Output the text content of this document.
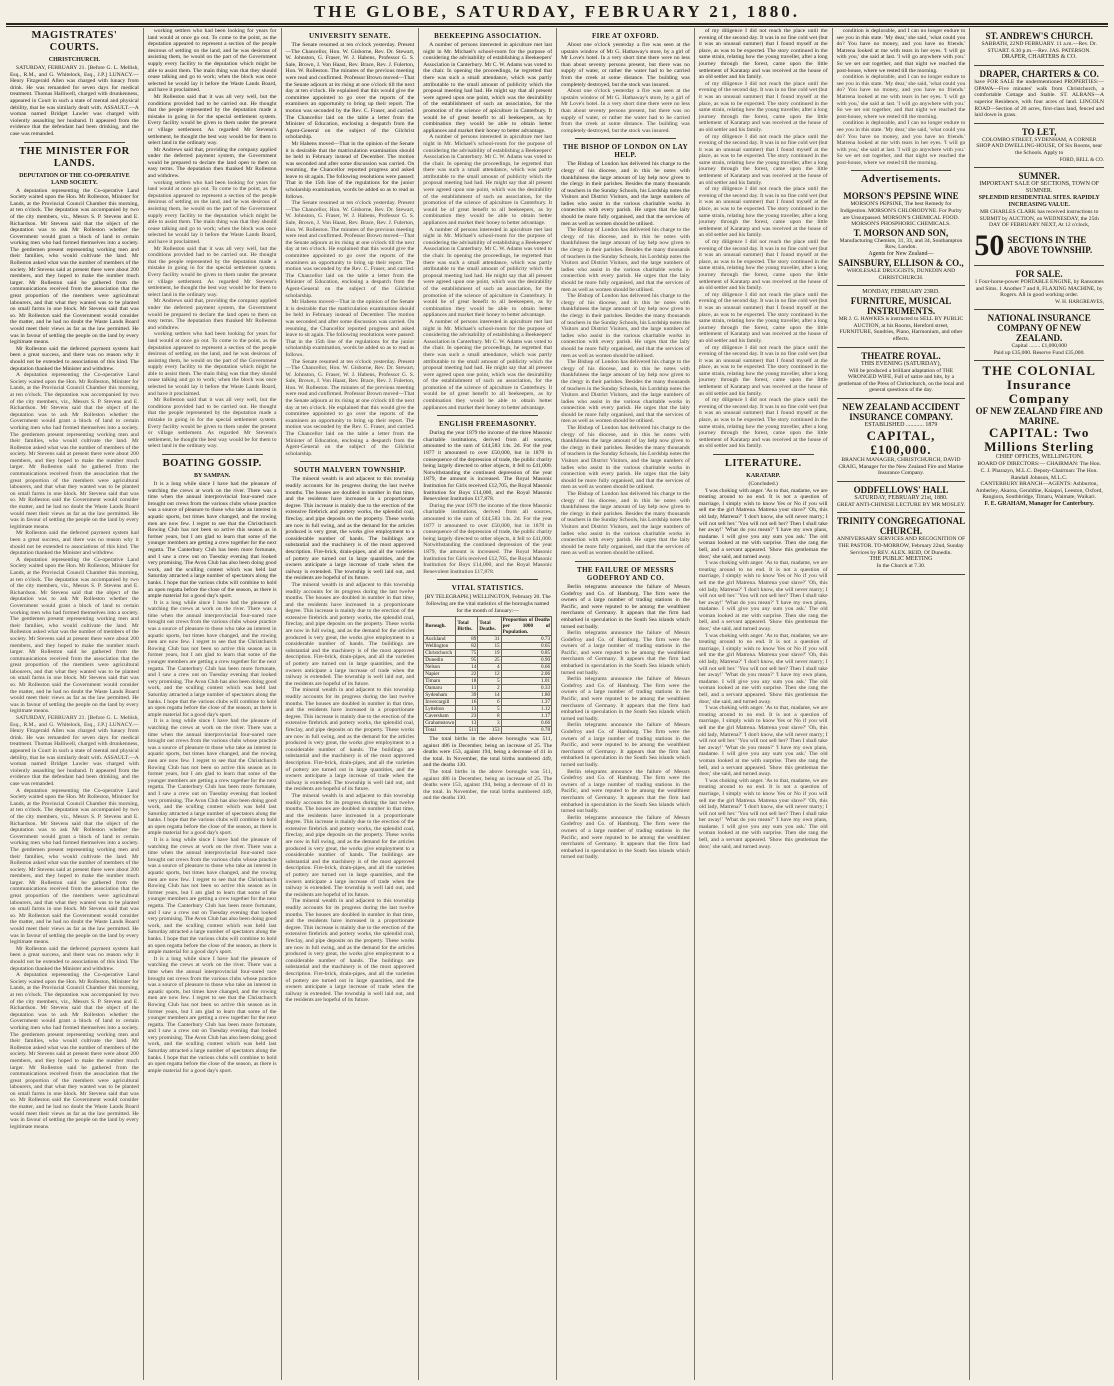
THE GLOBE, SATURDAY, FEBRUARY 21, 1880.
MAGISTRATES' COURTS.
CHRISTCHURCH.

SATURDAY, FEBRUARY 21. [Before G. L. Mellish, Esq., R.M., and G. Whitelock, Esq., J.P.] LUNACY.—Henry Fitzgerald Allen was charged with lunacy from drink. He was remanded for seven days for medical treatment. Thomas Halliwell, charged with drunkenness, appeared in Court in such a state of mental and physical debility, that he was similarly dealt with. ASSAULT.—A woman named Bridget Lawler was charged with violently assaulting her husband. It appeared from the evidence that the defendant had been drinking, and the case was remanded.

THE MINISTER FOR LANDS.
DEPUTATION OF THE CO-OPERATIVE LAND SOCIETY.

A deputation representing the Co-operative Land Society waited upon the Hon. Mr Rolleston, Minister for Lands, at the Provincial Council Chamber this morning, at ten o'clock. The deputation was accompanied by two of the city members, viz., Messrs S. P. Stevens and E. Richardson. Mr Stevens said that the object of the deputation was to ask Mr Rolleston whether the Government would grant a block of land to certain working men who had formed themselves into a society. The gentlemen present representing working men and their families, who would cultivate the land. Mr Rolleston asked what was the number of members of the society. Mr Stevens said at present there were about 200 members, and they hoped to make the number much larger. Mr Rolleston said he gathered from the communications received from the association that the great proportion of the members were agricultural labourers, and that what they wanted was to be planted on small farms in one block. Mr Stevens said that was so. Mr Rolleston said the Government would consider the matter, and he had no doubt the Waste Lands Board would meet their views as far as the law permitted. He was in favour of settling the people on the land by every legitimate means.

Mr Rolleston said the deferred payment system had been a great success, and there was no reason why it should not be extended to associations of this kind. The deputation thanked the Minister and withdrew.

A deputation representing the Co-operative Land Society waited upon the Hon. Mr Rolleston, Minister for Lands, at the Provincial Council Chamber this morning, at ten o'clock. The deputation was accompanied by two of the city members, viz., Messrs S. P. Stevens and E. Richardson. Mr Stevens said that the object of the deputation was to ask Mr Rolleston whether the Government would grant a block of land to certain working men who had formed themselves into a society. The gentlemen present representing working men and their families, who would cultivate the land. Mr Rolleston asked what was the number of members of the society. Mr Stevens said at present there were about 200 members, and they hoped to make the number much larger. Mr Rolleston said he gathered from the communications received from the association that the great proportion of the members were agricultural labourers, and that what they wanted was to be planted on small farms in one block. Mr Stevens said that was so. Mr Rolleston said the Government would consider the matter, and he had no doubt the Waste Lands Board would meet their views as far as the law permitted. He was in favour of settling the people on the land by every legitimate means.

Mr Rolleston said the deferred payment system had been a great success, and there was no reason why it should not be extended to associations of this kind. The deputation thanked the Minister and withdrew.

A deputation representing the Co-operative Land Society waited upon the Hon. Mr Rolleston, Minister for Lands, at the Provincial Council Chamber this morning, at ten o'clock. The deputation was accompanied by two of the city members, viz., Messrs S. P. Stevens and E. Richardson. Mr Stevens said that the object of the deputation was to ask Mr Rolleston whether the Government would grant a block of land to certain working men who had formed themselves into a society. The gentlemen present representing working men and their families, who would cultivate the land. Mr Rolleston asked what was the number of members of the society. Mr Stevens said at present there were about 200 members, and they hoped to make the number much larger. Mr Rolleston said he gathered from the communications received from the association that the great proportion of the members were agricultural labourers, and that what they wanted was to be planted on small farms in one block. Mr Stevens said that was so. Mr Rolleston said the Government would consider the matter, and he had no doubt the Waste Lands Board would meet their views as far as the law permitted. He was in favour of settling the people on the land by every legitimate means.

SATURDAY, FEBRUARY 21. [Before G. L. Mellish, Esq., R.M., and G. Whitelock, Esq., J.P.] LUNACY.—Henry Fitzgerald Allen was charged with lunacy from drink. He was remanded for seven days for medical treatment. Thomas Halliwell, charged with drunkenness, appeared in Court in such a state of mental and physical debility, that he was similarly dealt with. ASSAULT.—A woman named Bridget Lawler was charged with violently assaulting her husband. It appeared from the evidence that the defendant had been drinking, and the case was remanded.

A deputation representing the Co-operative Land Society waited upon the Hon. Mr Rolleston, Minister for Lands, at the Provincial Council Chamber this morning, at ten o'clock. The deputation was accompanied by two of the city members, viz., Messrs S. P. Stevens and E. Richardson. Mr Stevens said that the object of the deputation was to ask Mr Rolleston whether the Government would grant a block of land to certain working men who had formed themselves into a society. The gentlemen present representing working men and their families, who would cultivate the land. Mr Rolleston asked what was the number of members of the society. Mr Stevens said at present there were about 200 members, and they hoped to make the number much larger. Mr Rolleston said he gathered from the communications received from the association that the great proportion of the members were agricultural labourers, and that what they wanted was to be planted on small farms in one block. Mr Stevens said that was so. Mr Rolleston said the Government would consider the matter, and he had no doubt the Waste Lands Board would meet their views as far as the law permitted. He was in favour of settling the people on the land by every legitimate means.

Mr Rolleston said the deferred payment system had been a great success, and there was no reason why it should not be extended to associations of this kind. The deputation thanked the Minister and withdrew.

A deputation representing the Co-operative Land Society waited upon the Hon. Mr Rolleston, Minister for Lands, at the Provincial Council Chamber this morning, at ten o'clock. The deputation was accompanied by two of the city members, viz., Messrs S. P. Stevens and E. Richardson. Mr Stevens said that the object of the deputation was to ask Mr Rolleston whether the Government would grant a block of land to certain working men who had formed themselves into a society. The gentlemen present representing working men and their families, who would cultivate the land. Mr Rolleston asked what was the number of members of the society. Mr Stevens said at present there were about 200 members, and they hoped to make the number much larger. Mr Rolleston said he gathered from the communications received from the association that the great proportion of the members were agricultural labourers, and that what they wanted was to be planted on small farms in one block. Mr Stevens said that was so. Mr Rolleston said the Government would consider the matter, and he had no doubt the Waste Lands Board would meet their views as far as the law permitted. He was in favour of settling the people on the land by every legitimate means.

working settlers who had been looking for years for land would at once go out. To come to the point, as the deputation appeared to represent a section of the people desirous of settling on the land, and he was desirous of assisting them, he would on the part of the Government supply every facility to the deputation which might be able to assist them. The main thing was that they should cease talking and go to work; when the block was once selected he would lay it before the Waste Lands Board, and have it proclaimed.

Mr Rolleston said that it was all very well, but the conditions provided had to be carried out. He thought that the people represented by the deputation made a mistake in going in for the special settlement system. Every facility would be given to them under the present or village settlement. As regarded Mr Stevens's settlement, he thought the best way would be for them to select land in the ordinary way.

Mr Andrews said that, providing the company applied under the deferred payment system, the Government would be prepared to declare the land open to them on easy terms. The deputation then thanked Mr Rolleston and withdrew.

working settlers who had been looking for years for land would at once go out. To come to the point, as the deputation appeared to represent a section of the people desirous of settling on the land, and he was desirous of assisting them, he would on the part of the Government supply every facility to the deputation which might be able to assist them. The main thing was that they should cease talking and go to work; when the block was once selected he would lay it before the Waste Lands Board, and have it proclaimed.

Mr Rolleston said that it was all very well, but the conditions provided had to be carried out. He thought that the people represented by the deputation made a mistake in going in for the special settlement system. Every facility would be given to them under the present or village settlement. As regarded Mr Stevens's settlement, he thought the best way would be for them to select land in the ordinary way.

Mr Andrews said that, providing the company applied under the deferred payment system, the Government would be prepared to declare the land open to them on easy terms. The deputation then thanked Mr Rolleston and withdrew.

working settlers who had been looking for years for land would at once go out. To come to the point, as the deputation appeared to represent a section of the people desirous of settling on the land, and he was desirous of assisting them, he would on the part of the Government supply every facility to the deputation which might be able to assist them. The main thing was that they should cease talking and go to work; when the block was once selected he would lay it before the Waste Lands Board, and have it proclaimed.

Mr Rolleston said that it was all very well, but the conditions provided had to be carried out. He thought that the people represented by the deputation made a mistake in going in for the special settlement system. Every facility would be given to them under the present or village settlement. As regarded Mr Stevens's settlement, he thought the best way would be for them to select land in the ordinary way.

BOATING GOSSIP.
BY SAMPAN.

It is a long while since I have had the pleasure of watching the crews at work on the river. There was a time when the annual interprovincial four-oared race brought out crews from the various clubs whose practice was a source of pleasure to those who take an interest in aquatic sports, but times have changed, and the rowing men are now few. I regret to see that the Christchurch Rowing Club has not been so active this season as in former years, but I am glad to learn that some of the younger members are getting a crew together for the next regatta. The Canterbury Club has been more fortunate, and I saw a crew out on Tuesday evening that looked very promising. The Avon Club has also been doing good work, and the sculling contest which was held last Saturday attracted a large number of spectators along the banks. I hope that the various clubs will combine to hold an open regatta before the close of the season, as there is ample material for a good day's sport.

It is a long while since I have had the pleasure of watching the crews at work on the river. There was a time when the annual interprovincial four-oared race brought out crews from the various clubs whose practice was a source of pleasure to those who take an interest in aquatic sports, but times have changed, and the rowing men are now few. I regret to see that the Christchurch Rowing Club has not been so active this season as in former years, but I am glad to learn that some of the younger members are getting a crew together for the next regatta. The Canterbury Club has been more fortunate, and I saw a crew out on Tuesday evening that looked very promising. The Avon Club has also been doing good work, and the sculling contest which was held last Saturday attracted a large number of spectators along the banks. I hope that the various clubs will combine to hold an open regatta before the close of the season, as there is ample material for a good day's sport.

It is a long while since I have had the pleasure of watching the crews at work on the river. There was a time when the annual interprovincial four-oared race brought out crews from the various clubs whose practice was a source of pleasure to those who take an interest in aquatic sports, but times have changed, and the rowing men are now few. I regret to see that the Christchurch Rowing Club has not been so active this season as in former years, but I am glad to learn that some of the younger members are getting a crew together for the next regatta. The Canterbury Club has been more fortunate, and I saw a crew out on Tuesday evening that looked very promising. The Avon Club has also been doing good work, and the sculling contest which was held last Saturday attracted a large number of spectators along the banks. I hope that the various clubs will combine to hold an open regatta before the close of the season, as there is ample material for a good day's sport.

It is a long while since I have had the pleasure of watching the crews at work on the river. There was a time when the annual interprovincial four-oared race brought out crews from the various clubs whose practice was a source of pleasure to those who take an interest in aquatic sports, but times have changed, and the rowing men are now few. I regret to see that the Christchurch Rowing Club has not been so active this season as in former years, but I am glad to learn that some of the younger members are getting a crew together for the next regatta. The Canterbury Club has been more fortunate, and I saw a crew out on Tuesday evening that looked very promising. The Avon Club has also been doing good work, and the sculling contest which was held last Saturday attracted a large number of spectators along the banks. I hope that the various clubs will combine to hold an open regatta before the close of the season, as there is ample material for a good day's sport.

It is a long while since I have had the pleasure of watching the crews at work on the river. There was a time when the annual interprovincial four-oared race brought out crews from the various clubs whose practice was a source of pleasure to those who take an interest in aquatic sports, but times have changed, and the rowing men are now few. I regret to see that the Christchurch Rowing Club has not been so active this season as in former years, but I am glad to learn that some of the younger members are getting a crew together for the next regatta. The Canterbury Club has been more fortunate, and I saw a crew out on Tuesday evening that looked very promising. The Avon Club has also been doing good work, and the sculling contest which was held last Saturday attracted a large number of spectators along the banks. I hope that the various clubs will combine to hold an open regatta before the close of the season, as there is ample material for a good day's sport.

UNIVERSITY SENATE.

The Senate resumed at ten o'clock yesterday. Present—The Chancellor, Hon. W. Gisborne, Rev. Dr. Stewart, W. Johnston, G. Fraser, W. J. Habens, Professor G. S. Sale, Brown, J. Von Haast, Rev. Brace, Rev. J. Fulerton, Hon. W. Rolleston. The minutes of the previous meeting were read and confirmed. Professor Brown moved—That the Senate adjourn at its rising at one o'clock till the next day at ten o'clock. He explained that this would give the committee appointed to go over the reports of the examiners an opportunity to bring up their report. The motion was seconded by the Rev. C. Fraser, and carried. The Chancellor laid on the table a letter from the Minister of Education, enclosing a despatch from the Agent-General on the subject of the Gilchrist scholarship.

Mr Habens moved—That in the opinion of the Senate it is desirable that the matriculation examination should be held in February instead of December. The motion was seconded and after some discussion was carried. On resuming, the Chancellor reported progress and asked leave to sit again. The following resolutions were passed: That in the 15th line of the regulations for the junior scholarship examination, words be added so as to read as follows.

The Senate resumed at ten o'clock yesterday. Present—The Chancellor, Hon. W. Gisborne, Rev. Dr. Stewart, W. Johnston, G. Fraser, W. J. Habens, Professor G. S. Sale, Brown, J. Von Haast, Rev. Brace, Rev. J. Fulerton, Hon. W. Rolleston. The minutes of the previous meeting were read and confirmed. Professor Brown moved—That the Senate adjourn at its rising at one o'clock till the next day at ten o'clock. He explained that this would give the committee appointed to go over the reports of the examiners an opportunity to bring up their report. The motion was seconded by the Rev. C. Fraser, and carried. The Chancellor laid on the table a letter from the Minister of Education, enclosing a despatch from the Agent-General on the subject of the Gilchrist scholarship.

Mr Habens moved—That in the opinion of the Senate it is desirable that the matriculation examination should be held in February instead of December. The motion was seconded and after some discussion was carried. On resuming, the Chancellor reported progress and asked leave to sit again. The following resolutions were passed: That in the 15th line of the regulations for the junior scholarship examination, words be added so as to read as follows.

The Senate resumed at ten o'clock yesterday. Present—The Chancellor, Hon. W. Gisborne, Rev. Dr. Stewart, W. Johnston, G. Fraser, W. J. Habens, Professor G. S. Sale, Brown, J. Von Haast, Rev. Brace, Rev. J. Fulerton, Hon. W. Rolleston. The minutes of the previous meeting were read and confirmed. Professor Brown moved—That the Senate adjourn at its rising at one o'clock till the next day at ten o'clock. He explained that this would give the committee appointed to go over the reports of the examiners an opportunity to bring up their report. The motion was seconded by the Rev. C. Fraser, and carried. The Chancellor laid on the table a letter from the Minister of Education, enclosing a despatch from the Agent-General on the subject of the Gilchrist scholarship.

SOUTH MALVERN TOWNSHIP.

The mineral wealth in and adjacent to this township readily accounts for its progress during the last twelve months. The houses are doubled in number in that time, and the residents have increased in a proportionate degree. This increase is mainly due to the erection of the extensive firebrick and pottery works, the splendid coal, fireclay, and pipe deposits on the property. These works are now in full swing, and as the demand for the articles produced is very great, the works give employment to a considerable number of hands. The buildings are substantial and the machinery is of the most approved description. Fire-brick, drain-pipes, and all the varieties of pottery are turned out in large quantities, and the owners anticipate a large increase of trade when the railway is extended. The township is well laid out, and the residents are hopeful of its future.

The mineral wealth in and adjacent to this township readily accounts for its progress during the last twelve months. The houses are doubled in number in that time, and the residents have increased in a proportionate degree. This increase is mainly due to the erection of the extensive firebrick and pottery works, the splendid coal, fireclay, and pipe deposits on the property. These works are now in full swing, and as the demand for the articles produced is very great, the works give employment to a considerable number of hands. The buildings are substantial and the machinery is of the most approved description. Fire-brick, drain-pipes, and all the varieties of pottery are turned out in large quantities, and the owners anticipate a large increase of trade when the railway is extended. The township is well laid out, and the residents are hopeful of its future.

The mineral wealth in and adjacent to this township readily accounts for its progress during the last twelve months. The houses are doubled in number in that time, and the residents have increased in a proportionate degree. This increase is mainly due to the erection of the extensive firebrick and pottery works, the splendid coal, fireclay, and pipe deposits on the property. These works are now in full swing, and as the demand for the articles produced is very great, the works give employment to a considerable number of hands. The buildings are substantial and the machinery is of the most approved description. Fire-brick, drain-pipes, and all the varieties of pottery are turned out in large quantities, and the owners anticipate a large increase of trade when the railway is extended. The township is well laid out, and the residents are hopeful of its future.

The mineral wealth in and adjacent to this township readily accounts for its progress during the last twelve months. The houses are doubled in number in that time, and the residents have increased in a proportionate degree. This increase is mainly due to the erection of the extensive firebrick and pottery works, the splendid coal, fireclay, and pipe deposits on the property. These works are now in full swing, and as the demand for the articles produced is very great, the works give employment to a considerable number of hands. The buildings are substantial and the machinery is of the most approved description. Fire-brick, drain-pipes, and all the varieties of pottery are turned out in large quantities, and the owners anticipate a large increase of trade when the railway is extended. The township is well laid out, and the residents are hopeful of its future.

The mineral wealth in and adjacent to this township readily accounts for its progress during the last twelve months. The houses are doubled in number in that time, and the residents have increased in a proportionate degree. This increase is mainly due to the erection of the extensive firebrick and pottery works, the splendid coal, fireclay, and pipe deposits on the property. These works are now in full swing, and as the demand for the articles produced is very great, the works give employment to a considerable number of hands. The buildings are substantial and the machinery is of the most approved description. Fire-brick, drain-pipes, and all the varieties of pottery are turned out in large quantities, and the owners anticipate a large increase of trade when the railway is extended. The township is well laid out, and the residents are hopeful of its future.

BEEKEEPING ASSOCIATION.

A number of persons interested in apiculture met last night in Mr. Michael's school-room for the purpose of considering the advisability of establishing a Beekeepers' Association in Canterbury. Mr C. W. Adams was voted to the chair. In opening the proceedings, he regretted that there was such a small attendance, which was partly attributable to the small amount of publicity which the proposal meeting had had. He might say that all present were agreed upon one point, which was the desirability of the establishment of such an association, for the promotion of the science of apiculture in Canterbury. It would be of great benefit to all beekeepers, as by combination they would be able to obtain better appliances and market their honey to better advantage.

A number of persons interested in apiculture met last night in Mr. Michael's school-room for the purpose of considering the advisability of establishing a Beekeepers' Association in Canterbury. Mr C. W. Adams was voted to the chair. In opening the proceedings, he regretted that there was such a small attendance, which was partly attributable to the small amount of publicity which the proposal meeting had had. He might say that all present were agreed upon one point, which was the desirability of the establishment of such an association, for the promotion of the science of apiculture in Canterbury. It would be of great benefit to all beekeepers, as by combination they would be able to obtain better appliances and market their honey to better advantage.

A number of persons interested in apiculture met last night in Mr. Michael's school-room for the purpose of considering the advisability of establishing a Beekeepers' Association in Canterbury. Mr C. W. Adams was voted to the chair. In opening the proceedings, he regretted that there was such a small attendance, which was partly attributable to the small amount of publicity which the proposal meeting had had. He might say that all present were agreed upon one point, which was the desirability of the establishment of such an association, for the promotion of the science of apiculture in Canterbury. It would be of great benefit to all beekeepers, as by combination they would be able to obtain better appliances and market their honey to better advantage.

A number of persons interested in apiculture met last night in Mr. Michael's school-room for the purpose of considering the advisability of establishing a Beekeepers' Association in Canterbury. Mr C. W. Adams was voted to the chair. In opening the proceedings, he regretted that there was such a small attendance, which was partly attributable to the small amount of publicity which the proposal meeting had had. He might say that all present were agreed upon one point, which was the desirability of the establishment of such an association, for the promotion of the science of apiculture in Canterbury. It would be of great benefit to all beekeepers, as by combination they would be able to obtain better appliances and market their honey to better advantage.

ENGLISH FREEMASONRY.

During the year 1879 the income of the three Masonic charitable institutions, derived from all sources, amounted to the sum of £44,583 14s. 2d. For the year 1877 it amounted to over £50,000, but in 1878 in consequence of the depression of trade, the public charity being largely directed to other objects, it fell to £41,000. Notwithstanding the continued depression of the year 1879, the amount is increased. The Royal Masonic Institution for Girls received £12,705, the Royal Masonic Institution for Boys £14,000, and the Royal Masonic Benevolent Institution £17,878.

During the year 1879 the income of the three Masonic charitable institutions, derived from all sources, amounted to the sum of £44,583 14s. 2d. For the year 1877 it amounted to over £50,000, but in 1878 in consequence of the depression of trade, the public charity being largely directed to other objects, it fell to £41,000. Notwithstanding the continued depression of the year 1879, the amount is increased. The Royal Masonic Institution for Girls received £12,705, the Royal Masonic Institution for Boys £14,000, and the Royal Masonic Benevolent Institution £17,878.

VITAL STATISTICS.

[BY TELEGRAPH.] WELLINGTON, February 20. The following are the vital statistics of the boroughs named for the month of January:—

Borough.	Total Births.	Total Deaths.	Proportion of Deaths per 1000 of Population.
Auckland	89	31	0.73
Wellington	82	15	0.65
Christchurch	75	19	0.85
Dunedin	95	25	0.90
Nelson	14	4	0.66
Napier	22	12	2.06
Timaru	18	5	1.01
Oamaru	11	2	0.33
Sydenham	39	14	1.80
Invercargill	16	6	1.37
Lyttelton	13	5	1.12
Caversham	23	8	1.17
Grahamstown	13	3	0.66
Total	511	153	0.78

The total births in the above boroughs was 511, against 486 in December, being an increase of 25. The deaths were 153, against 194, being a decrease of 41 in the total. In November, the total births numbered 449, and the deaths 130.

The total births in the above boroughs was 511, against 486 in December, being an increase of 25. The deaths were 153, against 194, being a decrease of 41 in the total. In November, the total births numbered 449, and the deaths 130.

FIRE AT OXFORD.

About one o'clock yesterday a fire was seen at the upstairs window of Mr G. Hathaway's store, by a girl of Mr Love's hotel. In a very short time there were no less than about seventy persons present, but there was no supply of water, or rather the water had to be carried from the creek at some distance. The building was completely destroyed, but the stock was insured.

About one o'clock yesterday a fire was seen at the upstairs window of Mr G. Hathaway's store, by a girl of Mr Love's hotel. In a very short time there were no less than about seventy persons present, but there was no supply of water, or rather the water had to be carried from the creek at some distance. The building was completely destroyed, but the stock was insured.

THE BISHOP OF LONDON ON LAY HELP.

The Bishop of London has delivered his charge to the clergy of his diocese, and in this he notes with thankfulness the large amount of lay help now given to the clergy in their parishes. Besides the many thousands of teachers in the Sunday Schools, his Lordship notes the Visitors and District Visitors, and the large numbers of ladies who assist in the various charitable works in connection with every parish. He urges that the laity should be more fully organised, and that the services of men as well as women should be utilised.

The Bishop of London has delivered his charge to the clergy of his diocese, and in this he notes with thankfulness the large amount of lay help now given to the clergy in their parishes. Besides the many thousands of teachers in the Sunday Schools, his Lordship notes the Visitors and District Visitors, and the large numbers of ladies who assist in the various charitable works in connection with every parish. He urges that the laity should be more fully organised, and that the services of men as well as women should be utilised.

The Bishop of London has delivered his charge to the clergy of his diocese, and in this he notes with thankfulness the large amount of lay help now given to the clergy in their parishes. Besides the many thousands of teachers in the Sunday Schools, his Lordship notes the Visitors and District Visitors, and the large numbers of ladies who assist in the various charitable works in connection with every parish. He urges that the laity should be more fully organised, and that the services of men as well as women should be utilised.

The Bishop of London has delivered his charge to the clergy of his diocese, and in this he notes with thankfulness the large amount of lay help now given to the clergy in their parishes. Besides the many thousands of teachers in the Sunday Schools, his Lordship notes the Visitors and District Visitors, and the large numbers of ladies who assist in the various charitable works in connection with every parish. He urges that the laity should be more fully organised, and that the services of men as well as women should be utilised.

The Bishop of London has delivered his charge to the clergy of his diocese, and in this he notes with thankfulness the large amount of lay help now given to the clergy in their parishes. Besides the many thousands of teachers in the Sunday Schools, his Lordship notes the Visitors and District Visitors, and the large numbers of ladies who assist in the various charitable works in connection with every parish. He urges that the laity should be more fully organised, and that the services of men as well as women should be utilised.

The Bishop of London has delivered his charge to the clergy of his diocese, and in this he notes with thankfulness the large amount of lay help now given to the clergy in their parishes. Besides the many thousands of teachers in the Sunday Schools, his Lordship notes the Visitors and District Visitors, and the large numbers of ladies who assist in the various charitable works in connection with every parish. He urges that the laity should be more fully organised, and that the services of men as well as women should be utilised.

THE FAILURE OF MESSRS GODEFROY AND CO.

Berlin telegrams announce the failure of Messrs Godefroy and Co. of Hamburg. The firm were the owners of a large number of trading stations in the Pacific, and were reputed to be among the wealthiest merchants of Germany. It appears that the firm had embarked in speculation in the South Sea islands which turned out badly.

Berlin telegrams announce the failure of Messrs Godefroy and Co. of Hamburg. The firm were the owners of a large number of trading stations in the Pacific, and were reputed to be among the wealthiest merchants of Germany. It appears that the firm had embarked in speculation in the South Sea islands which turned out badly.

Berlin telegrams announce the failure of Messrs Godefroy and Co. of Hamburg. The firm were the owners of a large number of trading stations in the Pacific, and were reputed to be among the wealthiest merchants of Germany. It appears that the firm had embarked in speculation in the South Sea islands which turned out badly.

Berlin telegrams announce the failure of Messrs Godefroy and Co. of Hamburg. The firm were the owners of a large number of trading stations in the Pacific, and were reputed to be among the wealthiest merchants of Germany. It appears that the firm had embarked in speculation in the South Sea islands which turned out badly.

Berlin telegrams announce the failure of Messrs Godefroy and Co. of Hamburg. The firm were the owners of a large number of trading stations in the Pacific, and were reputed to be among the wealthiest merchants of Germany. It appears that the firm had embarked in speculation in the South Sea islands which turned out badly.

Berlin telegrams announce the failure of Messrs Godefroy and Co. of Hamburg. The firm were the owners of a large number of trading stations in the Pacific, and were reputed to be among the wealthiest merchants of Germany. It appears that the firm had embarked in speculation in the South Sea islands which turned out badly.

of my diligence I did not reach the place until the evening of the second day. It was in no fine cold wet (but it was an unusual summer) that I found myself at the place, as was to be expected. The story continued in the same strain, relating how the young traveller, after a long journey through the forest, came upon the little settlement of Karatarp and was received at the house of an old settler and his family.

of my diligence I did not reach the place until the evening of the second day. It was in no fine cold wet (but it was an unusual summer) that I found myself at the place, as was to be expected. The story continued in the same strain, relating how the young traveller, after a long journey through the forest, came upon the little settlement of Karatarp and was received at the house of an old settler and his family.

of my diligence I did not reach the place until the evening of the second day. It was in no fine cold wet (but it was an unusual summer) that I found myself at the place, as was to be expected. The story continued in the same strain, relating how the young traveller, after a long journey through the forest, came upon the little settlement of Karatarp and was received at the house of an old settler and his family.

of my diligence I did not reach the place until the evening of the second day. It was in no fine cold wet (but it was an unusual summer) that I found myself at the place, as was to be expected. The story continued in the same strain, relating how the young traveller, after a long journey through the forest, came upon the little settlement of Karatarp and was received at the house of an old settler and his family.

of my diligence I did not reach the place until the evening of the second day. It was in no fine cold wet (but it was an unusual summer) that I found myself at the place, as was to be expected. The story continued in the same strain, relating how the young traveller, after a long journey through the forest, came upon the little settlement of Karatarp and was received at the house of an old settler and his family.

of my diligence I did not reach the place until the evening of the second day. It was in no fine cold wet (but it was an unusual summer) that I found myself at the place, as was to be expected. The story continued in the same strain, relating how the young traveller, after a long journey through the forest, came upon the little settlement of Karatarp and was received at the house of an old settler and his family.

of my diligence I did not reach the place until the evening of the second day. It was in no fine cold wet (but it was an unusual summer) that I found myself at the place, as was to be expected. The story continued in the same strain, relating how the young traveller, after a long journey through the forest, came upon the little settlement of Karatarp and was received at the house of an old settler and his family.

of my diligence I did not reach the place until the evening of the second day. It was in no fine cold wet (but it was an unusual summer) that I found myself at the place, as was to be expected. The story continued in the same strain, relating how the young traveller, after a long journey through the forest, came upon the little settlement of Karatarp and was received at the house of an old settler and his family.

LITERATURE.
KARATARP.

(Concluded.)

'I was choking with anger. 'As to that, madame, we are treating around to no end. It is not a question of marriage, I simply wish to know Yes or No if you will sell me the girl Matrena. Matrena your slave?' 'Oh, this old lady, Matrena?' 'I don't know, she will never marry; I will not sell her.' 'You will not sell her? Then I shall take her away!' 'What do you mean?' 'I have my own plans, madame. I will give you any sum you ask.' The old woman looked at me with surprise. Then she rang the bell, and a servant appeared. 'Show this gentleman the door,' she said, and turned away.

'I was choking with anger. 'As to that, madame, we are treating around to no end. It is not a question of marriage, I simply wish to know Yes or No if you will sell me the girl Matrena. Matrena your slave?' 'Oh, this old lady, Matrena?' 'I don't know, she will never marry; I will not sell her.' 'You will not sell her? Then I shall take her away!' 'What do you mean?' 'I have my own plans, madame. I will give you any sum you ask.' The old woman looked at me with surprise. Then she rang the bell, and a servant appeared. 'Show this gentleman the door,' she said, and turned away.

'I was choking with anger. 'As to that, madame, we are treating around to no end. It is not a question of marriage, I simply wish to know Yes or No if you will sell me the girl Matrena. Matrena your slave?' 'Oh, this old lady, Matrena?' 'I don't know, she will never marry; I will not sell her.' 'You will not sell her? Then I shall take her away!' 'What do you mean?' 'I have my own plans, madame. I will give you any sum you ask.' The old woman looked at me with surprise. Then she rang the bell, and a servant appeared. 'Show this gentleman the door,' she said, and turned away.

'I was choking with anger. 'As to that, madame, we are treating around to no end. It is not a question of marriage, I simply wish to know Yes or No if you will sell me the girl Matrena. Matrena your slave?' 'Oh, this old lady, Matrena?' 'I don't know, she will never marry; I will not sell her.' 'You will not sell her? Then I shall take her away!' 'What do you mean?' 'I have my own plans, madame. I will give you any sum you ask.' The old woman looked at me with surprise. Then she rang the bell, and a servant appeared. 'Show this gentleman the door,' she said, and turned away.

'I was choking with anger. 'As to that, madame, we are treating around to no end. It is not a question of marriage, I simply wish to know Yes or No if you will sell me the girl Matrena. Matrena your slave?' 'Oh, this old lady, Matrena?' 'I don't know, she will never marry; I will not sell her.' 'You will not sell her? Then I shall take her away!' 'What do you mean?' 'I have my own plans, madame. I will give you any sum you ask.' The old woman looked at me with surprise. Then she rang the bell, and a servant appeared. 'Show this gentleman the door,' she said, and turned away.

condition is deplorable, and I can no longer endure to see you in this state. 'My dear,' she said, 'what could you do? You have no money, and you have no friends.' Matrena looked at me with tears in her eyes. 'I will go with you,' she said at last. 'I will go anywhere with you.' So we set out together, and that night we reached the post-house, where we rested till the morning.

condition is deplorable, and I can no longer endure to see you in this state. 'My dear,' she said, 'what could you do? You have no money, and you have no friends.' Matrena looked at me with tears in her eyes. 'I will go with you,' she said at last. 'I will go anywhere with you.' So we set out together, and that night we reached the post-house, where we rested till the morning.

condition is deplorable, and I can no longer endure to see you in this state. 'My dear,' she said, 'what could you do? You have no money, and you have no friends.' Matrena looked at me with tears in her eyes. 'I will go with you,' she said at last. 'I will go anywhere with you.' So we set out together, and that night we reached the post-house, where we rested till the morning.

Advertisements.
MORSON'S PEPSINE WINE
MORSON'S PEPSINE, The best Remedy for Indigestion. MORSON'S CHLORODYNE. For Purity are Unsurpassed. MORSON'S CHEMICAL FOOD. MORSON'S PHOSPHORIC CHEMICALS.
T. MORSON AND SON,
Manufacturing Chemists, 31, 33, and 34, Southampton Row, London.
Agents for New Zealand—
SAINSBURY, ELLISON & CO.,
WHOLESALE DRUGGISTS, DUNEDIN AND CHRISTCHURCH.
MONDAY, FEBRUARY 23RD.
FURNITURE, MUSICAL INSTRUMENTS.
MR J. G. HAWKES is instructed to SELL BY PUBLIC AUCTION, at his Rooms, Hereford street, FURNITURE, Sundries, Piano, Harmonium, and other effects.
THEATRE ROYAL.
THIS EVENING (SATURDAY),
Will be produced a brilliant adaptation of THE WRONGED WIFE, Full of satire and hits, by a gentleman of the Press of Christchurch, on the local and general questions of the day.
NEW ZEALAND ACCIDENT INSURANCE COMPANY.
ESTABLISHED ............ 1879
CAPITAL, £100,000.
BRANCH MANAGER, CHRISTCHURCH, DAVID CRAIG, Manager for the New Zealand Fire and Marine Insurance Company.
ODDFELLOWS' HALL
SATURDAY, FEBRUARY 21st, 1880.
GREAT ANTI-CHINESE LECTURE BY MR MOSLEY.
TRINITY CONGREGATIONAL CHURCH.
ANNIVERSARY SERVICES AND RECOGNITION OF THE PASTOR. TO-MORROW, February 22nd, Sunday Services by REV. ALEX. REID, Of Dunedin.
THE PUBLIC MEETING
In the Church at 7.30.
ST. ANDREW'S CHURCH.
SABBATH, 22ND FEBRUARY. 11 a.m.—Rev. Dr. STUART. 6.30 p.m.—Rev. JAS. PATERSON.
DRAPER, CHARTERS & CO.
DRAPER, CHARTERS & CO.
have FOR SALE the undermentioned PROPERTIES:— OPAWA—Five minutes' walk from Christchurch, a comfortable Cottage and Stable. ST. ALBANS—A superior Residence, with four acres of land. LINCOLN ROAD—Section of 20 acres, first-class land, fenced and laid down in grass.
TO LET,
COLOMBO STREET, SYDENHAM, A CORNER SHOP AND DWELLING-HOUSE, Of Six Rooms, near the Schools. Apply to
FORD, BELL & CO.
SUMNER.
IMPORTANT SALE OF SECTIONS, TOWN OF SUMNER.
SPLENDID RESIDENTIAL SITES. RAPIDLY INCREASING VALUE.
MR CHARLES CLARK has received instructions to SUBMIT by AUCTION, on WEDNESDAY, the 25th DAY OF FEBRUARY NEXT, At 12 o'clock,
50 SECTIONS IN THE ABOVE TOWNSHIP.
FOR SALE.
1 Four-horse-power PORTABLE ENGINE, by Ransomes and Sims. 1 Another 7 and 8, FLAXING MACHINE, by Rogers. All in good working order.
W. H. HARGREAVES,
NATIONAL INSURANCE COMPANY OF NEW ZEALAND.
Capital ........ £1,000,000
Paid up £35,000. Reserve Fund £35,000.
THE COLONIAL Insurance Company
OF NEW ZEALAND FIRE AND MARINE.
CAPITAL: Two Millions Sterling
CHIEF OFFICES, WELLINGTON.
BOARD OF DIRECTORS:— CHAIRMAN: The Hon. C. J. Pharazyn, M.L.C. Deputy-Chairman: The Hon. Randall Johnson, M.L.C.
CANTERBURY BRANCH—AGENTS: Ashburton, Amberley, Akaroa, Geraldine, Kaiapoi, Leeston, Oxford, Rangiora, Southbridge, Timaru, Waimate, Waikari.
F. E. GRAHAM, Manager for Canterbury.
